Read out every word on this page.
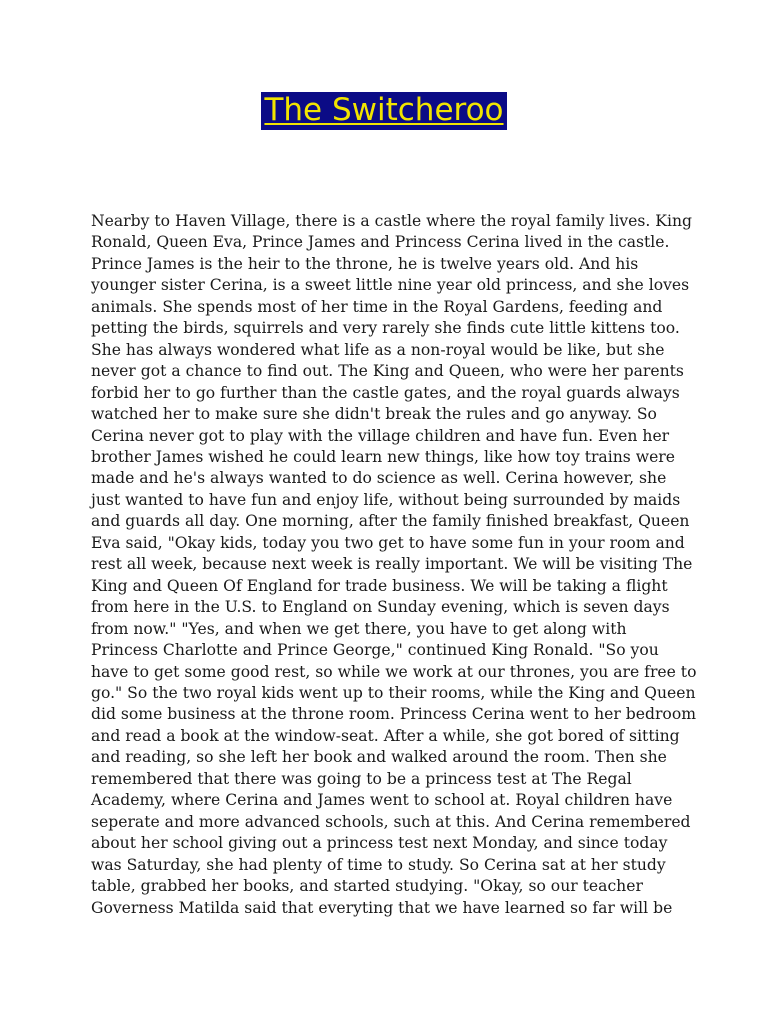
The Switcheroo
Nearby to Haven Village, there is a castle where the royal family lives. King
Ronald, Queen Eva, Prince James and Princess Cerina lived in the castle.
Prince James is the heir to the throne, he is twelve years old. And his
younger sister Cerina, is a sweet little nine year old princess, and she loves
animals. She spends most of her time in the Royal Gardens, feeding and
petting the birds, squirrels and very rarely she finds cute little kittens too.
She has always wondered what life as a non-royal would be like, but she
never got a chance to find out. The King and Queen, who were her parents
forbid her to go further than the castle gates, and the royal guards always
watched her to make sure she didn't break the rules and go anyway. So
Cerina never got to play with the village children and have fun. Even her
brother James wished he could learn new things, like how toy trains were
made and he's always wanted to do science as well. Cerina however, she
just wanted to have fun and enjoy life, without being surrounded by maids
and guards all day. One morning, after the family finished breakfast, Queen
Eva said, "Okay kids, today you two get to have some fun in your room and
rest all week, because next week is really important. We will be visiting The
King and Queen Of England for trade business. We will be taking a flight
from here in the U.S. to England on Sunday evening, which is seven days
from now." "Yes, and when we get there, you have to get along with
Princess Charlotte and Prince George," continued King Ronald. "So you
have to get some good rest, so while we work at our thrones, you are free to
go." So the two royal kids went up to their rooms, while the King and Queen
did some business at the throne room. Princess Cerina went to her bedroom
and read a book at the window-seat. After a while, she got bored of sitting
and reading, so she left her book and walked around the room. Then she
remembered that there was going to be a princess test at The Regal
Academy, where Cerina and James went to school at. Royal children have
seperate and more advanced schools, such at this. And Cerina remembered
about her school giving out a princess test next Monday, and since today
was Saturday, she had plenty of time to study. So Cerina sat at her study
table, grabbed her books, and started studying. "Okay, so our teacher
Governess Matilda said that everyting that we have learned so far will be
